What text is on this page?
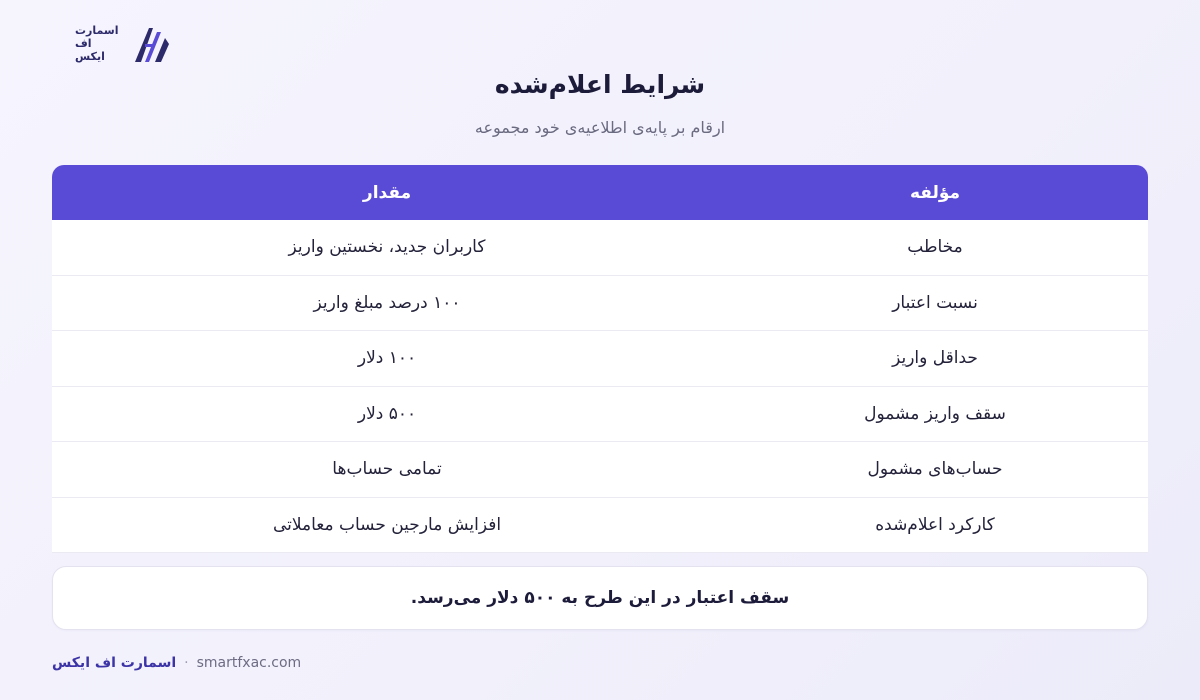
اسمارت
اف
ایکس
شرایط اعلام‌شده
ارقام بر پایه‌ی اطلاعیه‌ی خود مجموعه
مؤلفه
مقدار
مخاطب
کاربران جدید، نخستین واریز
نسبت اعتبار
۱۰۰ درصد مبلغ واریز
حداقل واریز
۱۰۰ دلار
سقف واریز مشمول
۵۰۰ دلار
حساب‌های مشمول
تمامی حساب‌ها
کارکرد اعلام‌شده
افزایش مارجین حساب معاملاتی
سقف اعتبار در این طرح به ۵۰۰ دلار می‌رسد.
اسمارت اف ایکس · smartfxac.com
